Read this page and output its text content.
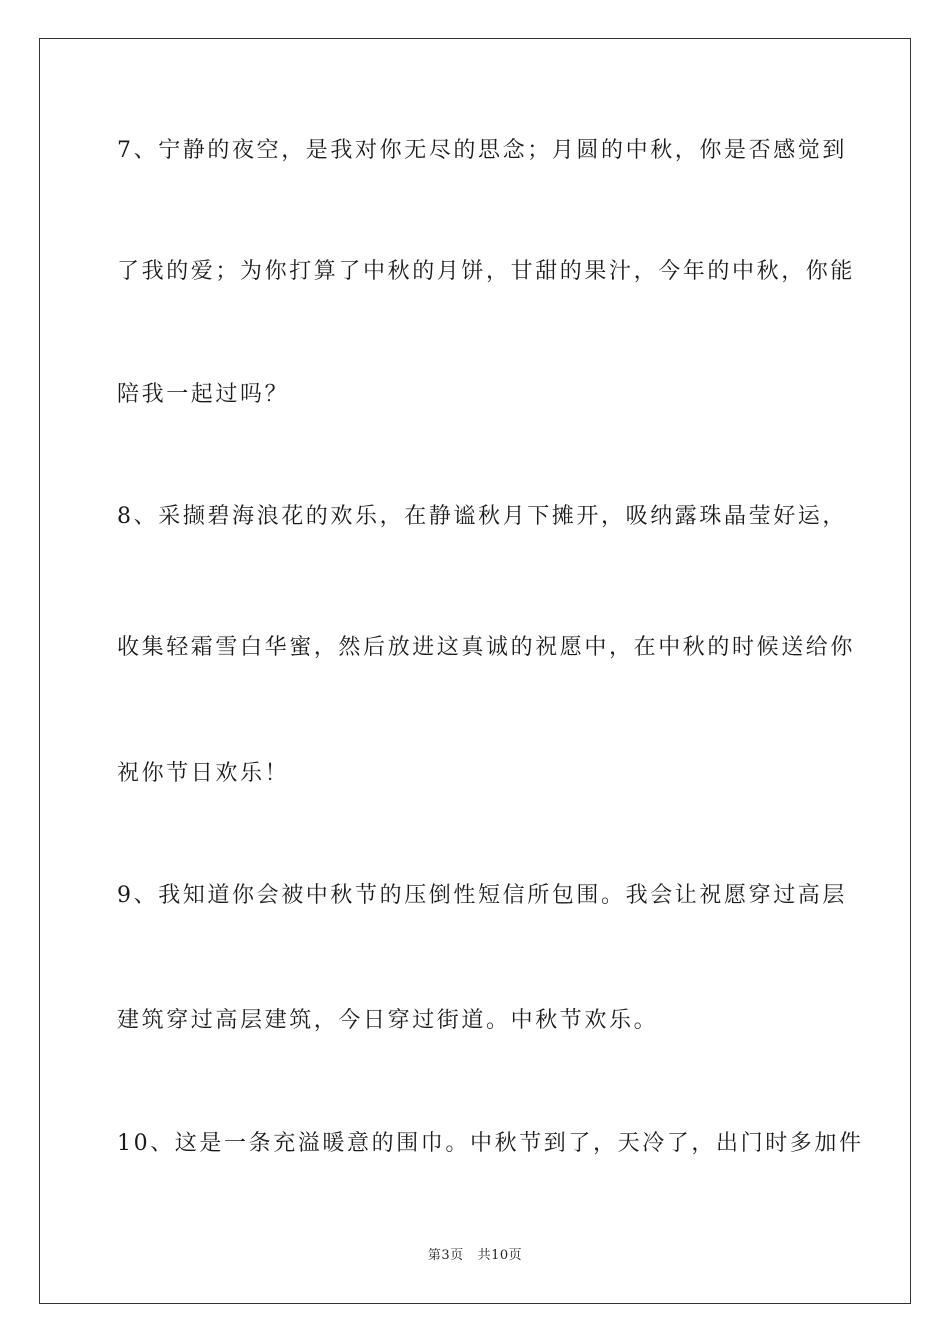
7、宁静的夜空，是我对你无尽的思念；月圆的中秋，你是否感觉到
了我的爱；为你打算了中秋的月饼，甘甜的果汁，今年的中秋，你能
陪我一起过吗？
8、采撷碧海浪花的欢乐，在静谧秋月下摊开，吸纳露珠晶莹好运，
收集轻霜雪白华蜜，然后放进这真诚的祝愿中，在中秋的时候送给你
祝你节日欢乐！
9、我知道你会被中秋节的压倒性短信所包围。我会让祝愿穿过高层
建筑穿过高层建筑，今日穿过街道。中秋节欢乐。
10、这是一条充溢暖意的围巾。中秋节到了，天冷了，出门时多加件
第3页 共10页
